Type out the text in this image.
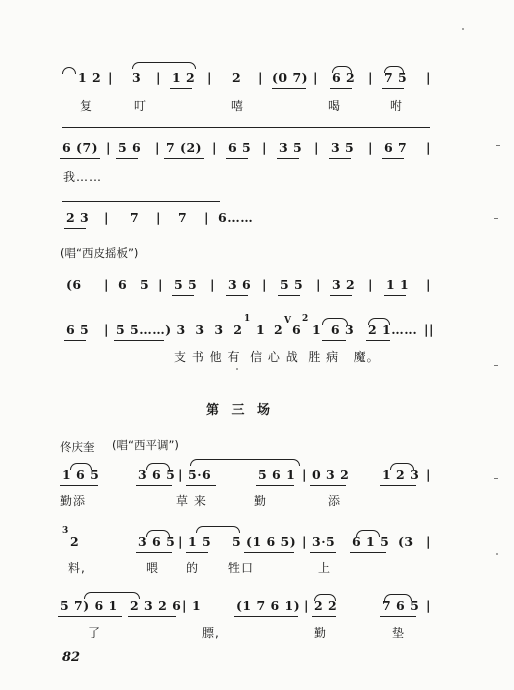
1 2 | 3 | 1 2 | 2 | (0 7) | 6 2 | 7 5 |
复	叮	嘻	喝	咐
6 (7) | 5 6 | 7 (2) | 6 5 | 3 5 | 3 5 | 6 7 |
我……
2 3 | 7 | 7 | 6……
(唱“西皮摇板”)
(6 | 6 5 | 5 5 | 3 6 | 5 5 | 3 2 | 1 1 |
6 5 | 5 5……) 3  3  3  2
1
1 2
V
6
2
1  6 3 2 1…… ||
支 书 他 有  信 心 战  胜 病   魔。
第 三 场
佟庆奎 (唱“西平调”)
1 6 5	3 6 5 | 5·6	5 6 1 | 0 3 2	1 2 3 |
勤添	草 来	勤	添
3
2	3 6 5 | 1 5 5 (1 6 5) | 3·5 6 1 5 (3 |
料,	喂 的 牲口	上
5 7) 6 1 2 3 2 6 | 1	(1 7 6 1) | 2 2	7 6 5 |
了	膘,	勤	垫
82
